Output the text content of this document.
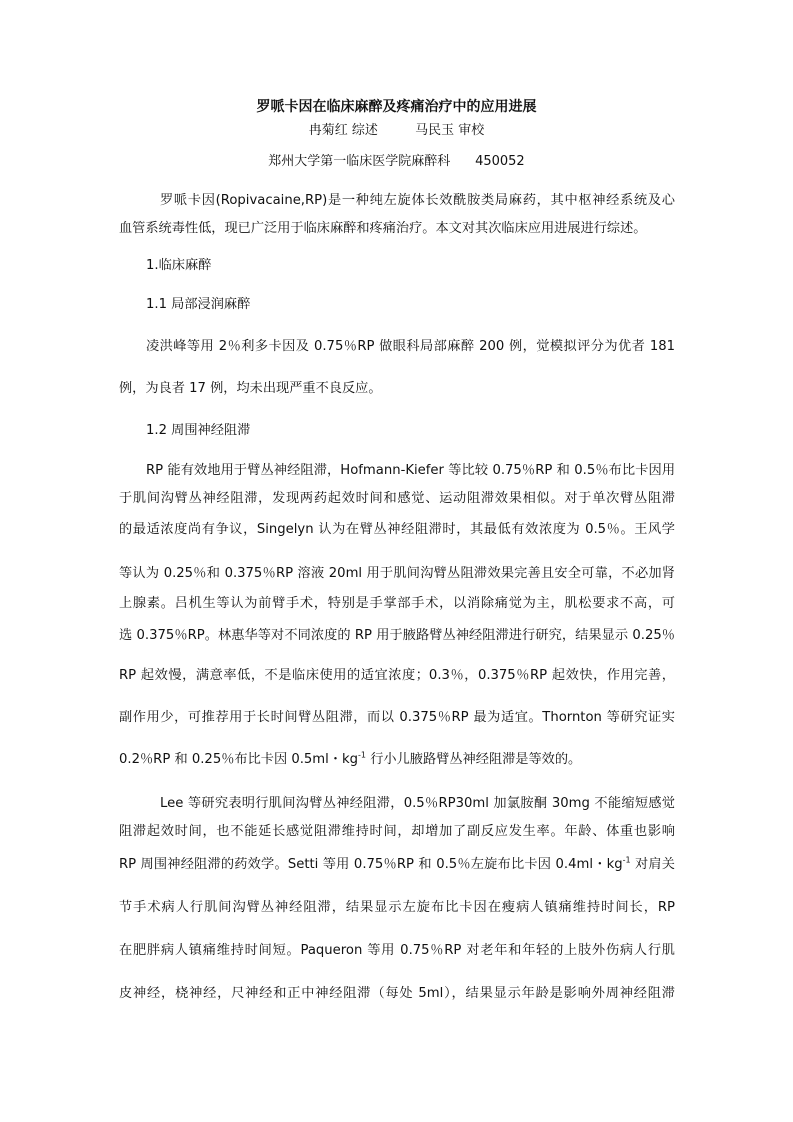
罗哌卡因在临床麻醉及疼痛治疗中的应用进展
冉菊红 综述         马民玉 审校
郑州大学第一临床医学院麻醉科      450052
罗哌卡因(Ropivacaine,RP)是一种纯左旋体长效酰胺类局麻药，其中枢神经系统及心
血管系统毒性低，现已广泛用于临床麻醉和疼痛治疗。本文对其次临床应用进展进行综述。
1.临床麻醉
1.1 局部浸润麻醉
凌洪峰等用 2％利多卡因及 0.75％RP 做眼科局部麻醉 200 例，觉模拟评分为优者 181
例，为良者 17 例，均未出现严重不良反应。
1.2 周围神经阻滞
RP 能有效地用于臂丛神经阻滞，Hofmann-Kiefer 等比较 0.75％RP 和 0.5％布比卡因用
于肌间沟臂丛神经阻滞，发现两药起效时间和感觉、运动阻滞效果相似。对于单次臂丛阻滞
的最适浓度尚有争议，Singelyn 认为在臂丛神经阻滞时，其最低有效浓度为 0.5％。王风学
等认为 0.25％和 0.375％RP 溶液 20ml 用于肌间沟臂丛阻滞效果完善且安全可靠，不必加肾
上腺素。吕机生等认为前臂手术，特别是手掌部手术，以消除痛觉为主，肌松要求不高，可
选 0.375％RP。林惠华等对不同浓度的 RP 用于腋路臂丛神经阻滞进行研究，结果显示 0.25％
RP 起效慢，满意率低，不是临床使用的适宜浓度；0.3％，0.375％RP 起效快，作用完善，
副作用少，可推荐用于长时间臂丛阻滞，而以 0.375％RP 最为适宜。Thornton 等研究证实
0.2％RP 和 0.25％布比卡因 0.5ml・$kg^{-1}$ 行小儿腋路臂丛神经阻滞是等效的。
Lee 等研究表明行肌间沟臂丛神经阻滞，0.5％RP30ml 加氯胺酮 30mg 不能缩短感觉
阻滞起效时间，也不能延长感觉阻滞维持时间，却增加了副反应发生率。年龄、体重也影响
RP 周围神经阻滞的药效学。Setti 等用 0.75％RP 和 0.5％左旋布比卡因 0.4ml・$kg^{-1}$ 对肩关
节手术病人行肌间沟臂丛神经阻滞，结果显示左旋布比卡因在瘦病人镇痛维持时间长，RP
在肥胖病人镇痛维持时间短。Paqueron 等用 0.75％RP 对老年和年轻的上肢外伤病人行肌
皮神经，桡神经，尺神经和正中神经阻滞（每处 5ml），结果显示年龄是影响外周神经阻滞
